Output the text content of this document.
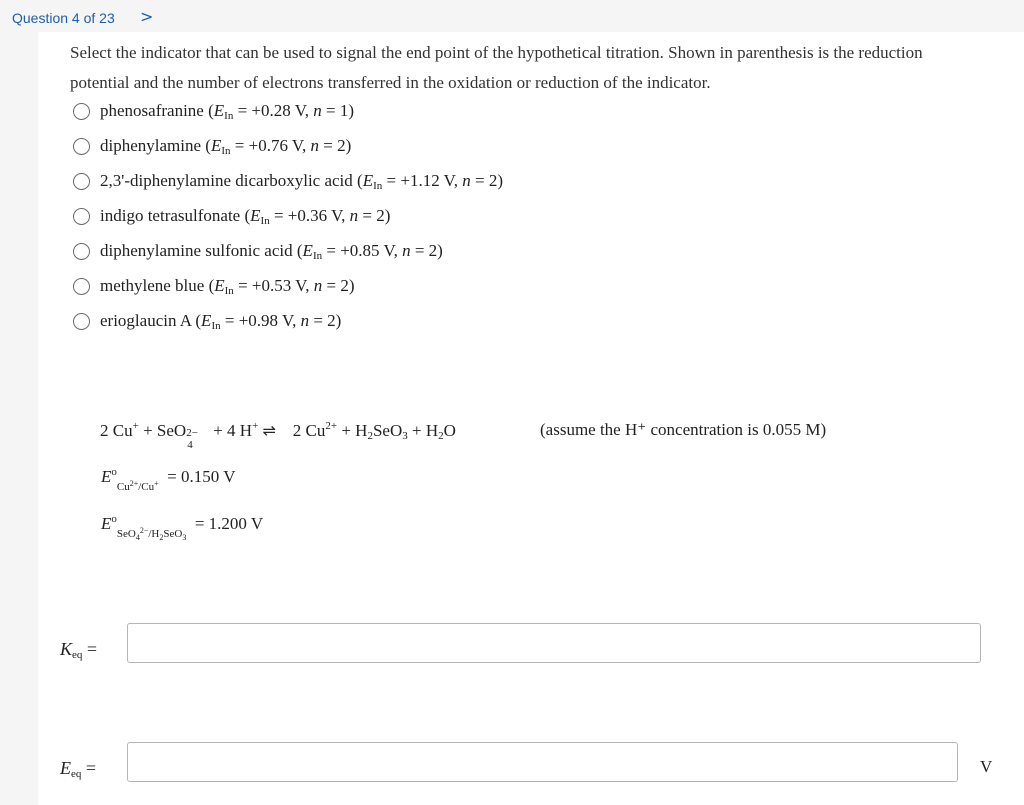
Question 4 of 23 >
Select the indicator that can be used to signal the end point of the hypothetical titration. Shown in parenthesis is the reduction potential and the number of electrons transferred in the oxidation or reduction of the indicator.
phenosafranine ($E_{In} = +0.28$ V, n = 1)
diphenylamine ($E_{In} = +0.76$ V, n = 2)
2,3'-diphenylamine dicarboxylic acid ($E_{In} = +1.12$ V, n = 2)
indigo tetrasulfonate ($E_{In} = +0.36$ V, n = 2)
diphenylamine sulfonic acid ($E_{In} = +0.85$ V, n = 2)
methylene blue ($E_{In} = +0.53$ V, n = 2)
erioglaucin A ($E_{In} = +0.98$ V, n = 2)
2 Cu+ + SeO 2−
4
+ 4 H+ ⇌ 2 $Cu^{2+} + H_2SeO_3 + H_2O$	(assume the H⁺ concentration is 0.055 M)
$E^o_{Cu^{2+}/Cu^+} = 0.150$ V
$E^o_{SeO_4^{2-}/H_2SeO_3} = 1.200$ V
$K_{eq}$ =
$E_{eq}$ =	V
